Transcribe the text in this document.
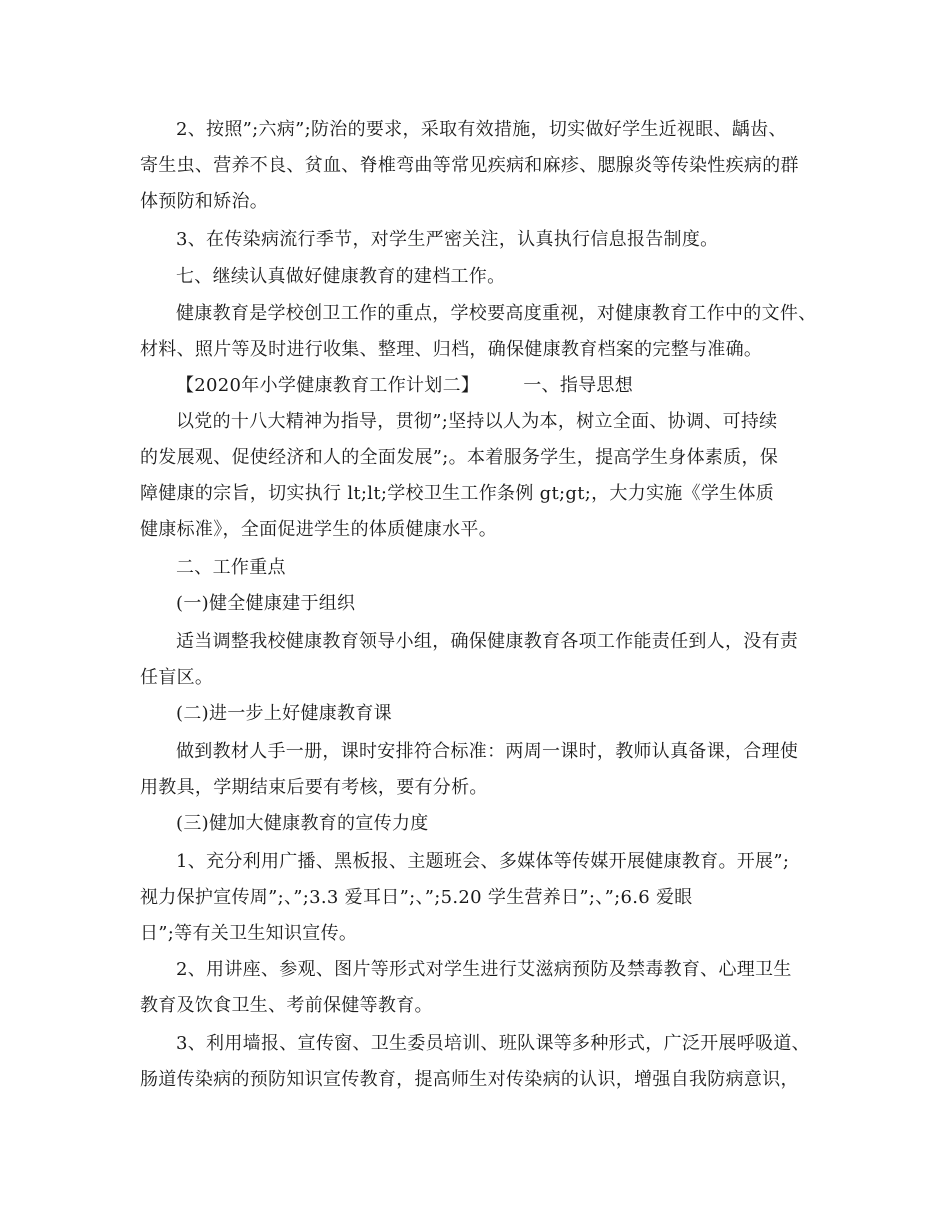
2、按照”;六病”;防治的要求，采取有效措施，切实做好学生近视眼、龋齿、
寄生虫、营养不良、贫血、脊椎弯曲等常见疾病和麻疹、腮腺炎等传染性疾病的群
体预防和矫治。
3、在传染病流行季节，对学生严密关注，认真执行信息报告制度。
七、继续认真做好健康教育的建档工作。
健康教育是学校创卫工作的重点，学校要高度重视，对健康教育工作中的文件、
材料、照片等及时进行收集、整理、归档，确保健康教育档案的完整与准确。
【2020年小学健康教育工作计划二】 一、指导思想
以党的十八大精神为指导，贯彻”;坚持以人为本，树立全面、协调、可持续
的发展观、促使经济和人的全面发展”;。本着服务学生，提高学生身体素质，保
障健康的宗旨，切实执行 lt;lt;学校卫生工作条例 gt;gt;，大力实施《学生体质
健康标准》，全面促进学生的体质健康水平。
二、工作重点
(一)健全健康建于组织
适当调整我校健康教育领导小组，确保健康教育各项工作能责任到人，没有责
任盲区。
(二)进一步上好健康教育课
做到教材人手一册，课时安排符合标准：两周一课时，教师认真备课，合理使
用教具，学期结束后要有考核，要有分析。
(三)健加大健康教育的宣传力度
1、充分利用广播、黑板报、主题班会、多媒体等传媒开展健康教育。开展”;
视力保护宣传周”;、”;3.3 爱耳日”;、”;5.20 学生营养日”;、”;6.6 爱眼
日”;等有关卫生知识宣传。
2、用讲座、参观、图片等形式对学生进行艾滋病预防及禁毒教育、心理卫生
教育及饮食卫生、考前保健等教育。
3、利用墙报、宣传窗、卫生委员培训、班队课等多种形式，广泛开展呼吸道、
肠道传染病的预防知识宣传教育，提高师生对传染病的认识，增强自我防病意识，
